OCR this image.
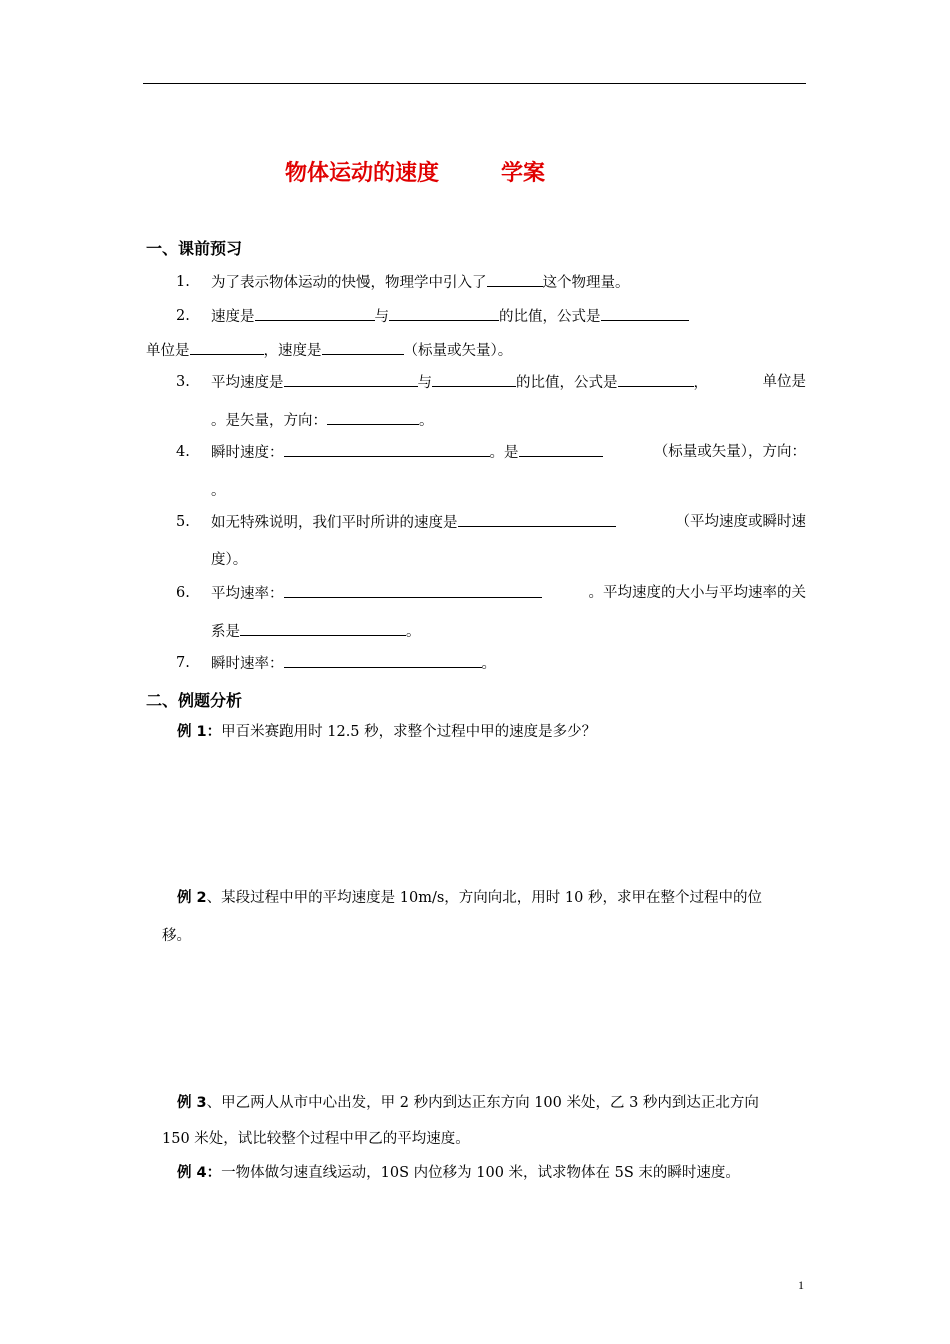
物体运动的速度	学案
一、课前预习
1. 为了表示物体运动的快慢，物理学中引入了	这个物理量。
2. 速度是	与	的比值，公式是
单位是	，速度是	（标量或矢量）。
3. 平均速度是	与	的比值，公式是	，	单位是
。是矢量，方向：	。
4. 瞬时速度：	。是	（标量或矢量），方向：
。
5. 如无特殊说明，我们平时所讲的速度是	（平均速度或瞬时速
度）。
6. 平均速率：	。平均速度的大小与平均速率的关
系是	。
7. 瞬时速率：	。
二、例题分析
例 1：甲百米赛跑用时 12.5 秒，求整个过程中甲的速度是多少？
例 2、某段过程中甲的平均速度是 10m/s，方向向北，用时 10 秒，求甲在整个过程中的位
移。
例 3、甲乙两人从市中心出发，甲 2 秒内到达正东方向 100 米处，乙 3 秒内到达正北方向
150 米处，试比较整个过程中甲乙的平均速度。
例 4：一物体做匀速直线运动，10S 内位移为 100 米，试求物体在 5S 末的瞬时速度。
1
